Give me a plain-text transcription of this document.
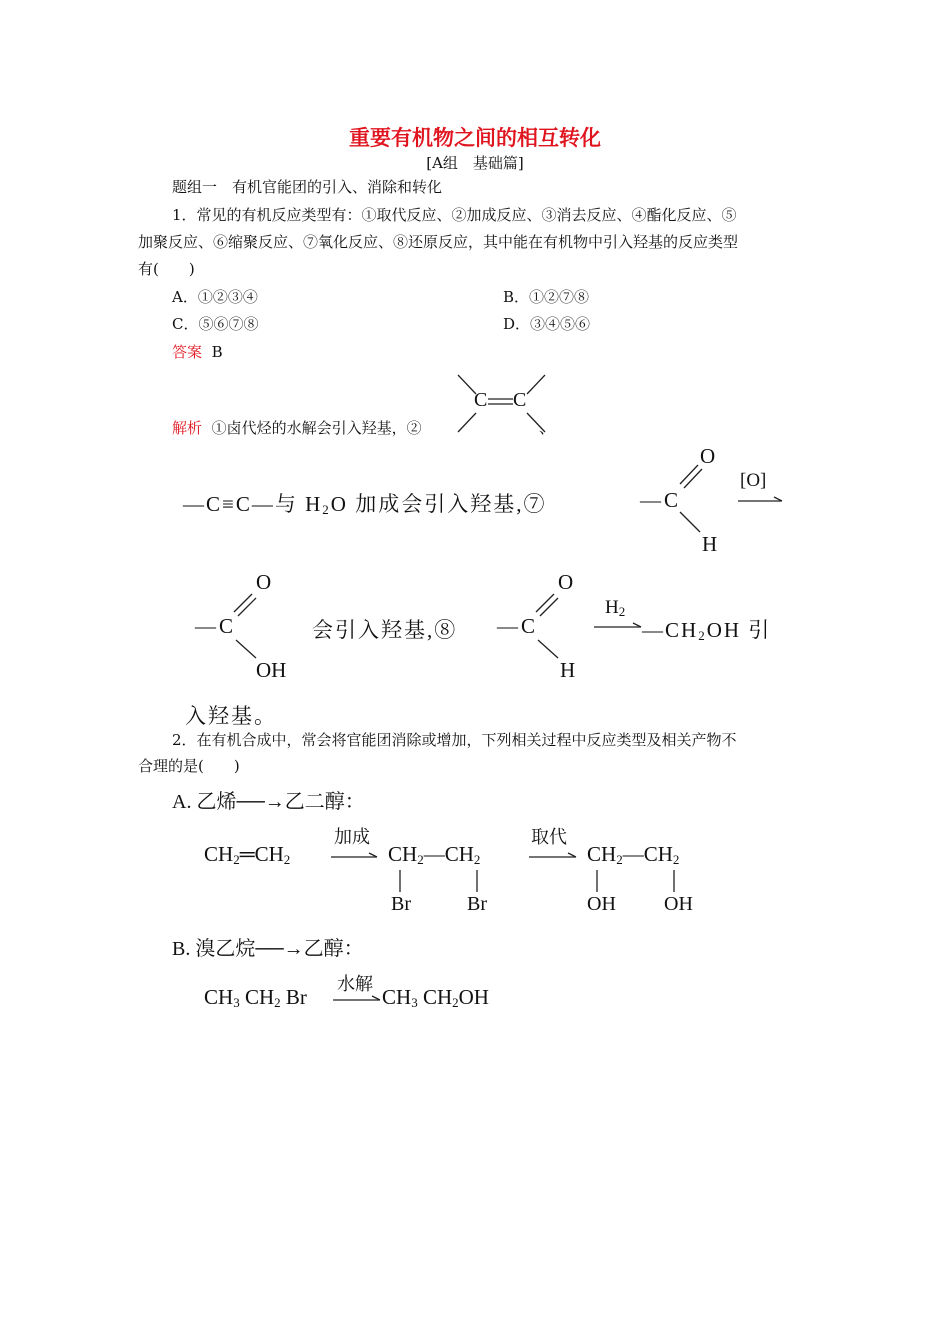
重要有机物之间的相互转化
[A组　基础篇]
题组一　有机官能团的引入、消除和转化
1．常见的有机反应类型有：①取代反应、②加成反应、③消去反应、④酯化反应、⑤
加聚反应、⑥缩聚反应、⑦氧化反应、⑧还原反应，其中能在有机物中引入羟基的反应类型
有(　　)
A．①②③④	B．①②⑦⑧
C．⑤⑥⑦⑧	D．③④⑤⑥
答案 B
解析 ①卤代烃的水解会引入羟基，②
C C
、
—C≡C—与 $H_2O$ 加成会引入羟基,⑦	— C
O
H
[O]
— C
O
OH
会引入羟基,⑧ — C
O
H
$H_2$
$—CH_2OH$ 引
入羟基。
2．在有机合成中，常会将官能团消除或增加，下列相关过程中反应类型及相关产物不
合理的是(　　)
A. 乙烯──→乙二醇：
$CH_2═CH_2$
加成
$CH_2—CH_2$
Br	Br
取代
$CH_2—CH_2$
OH OH
B. 溴乙烷──→乙醇：
$CH_3$ $CH_2$ Br
水解
$CH_3$ $CH_2OH$
